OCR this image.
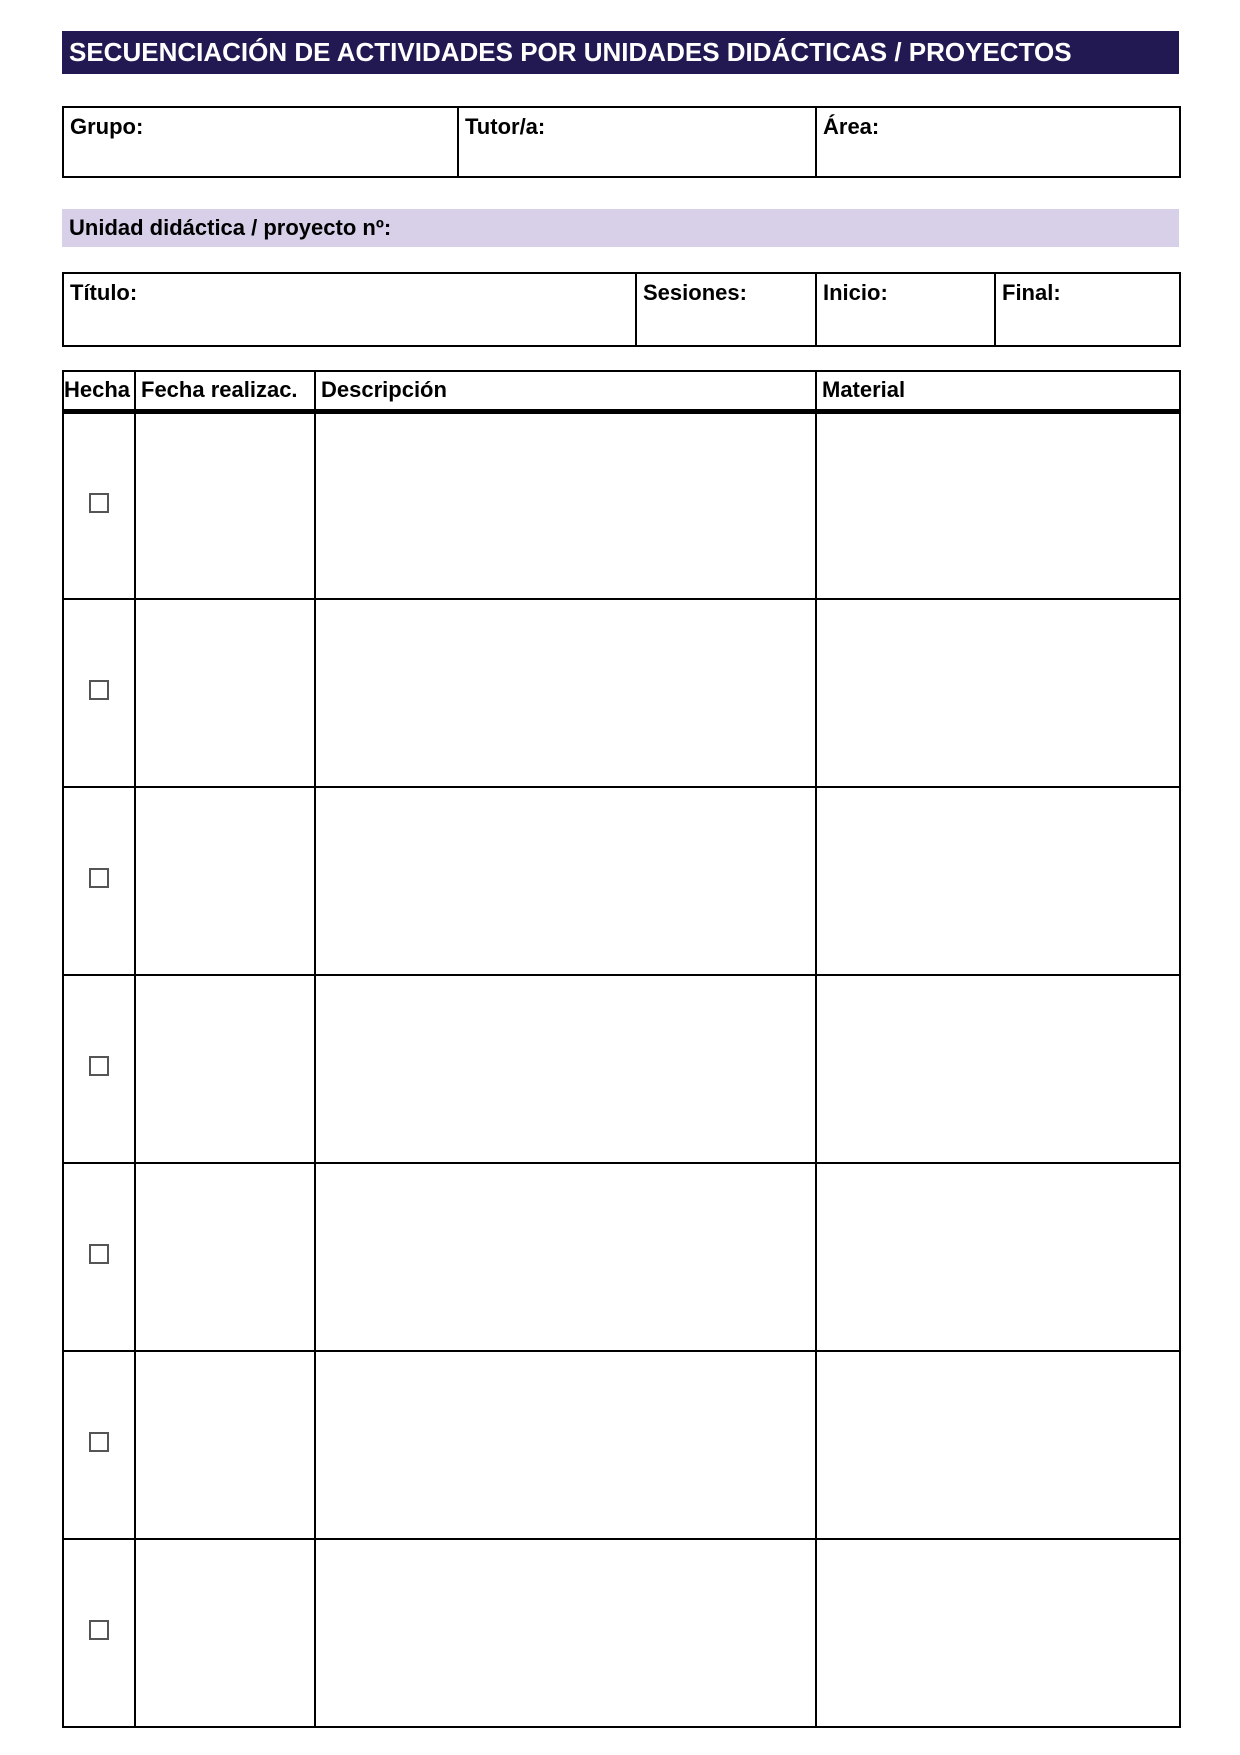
SECUENCIACIÓN DE ACTIVIDADES POR UNIDADES DIDÁCTICAS / PROYECTOS
Grupo:	Tutor/a:	Área:
Unidad didáctica / proyecto nº:
Título:	Sesiones:	Inicio:	Final:
Hecha	Fecha realizac.	Descripción	Material
